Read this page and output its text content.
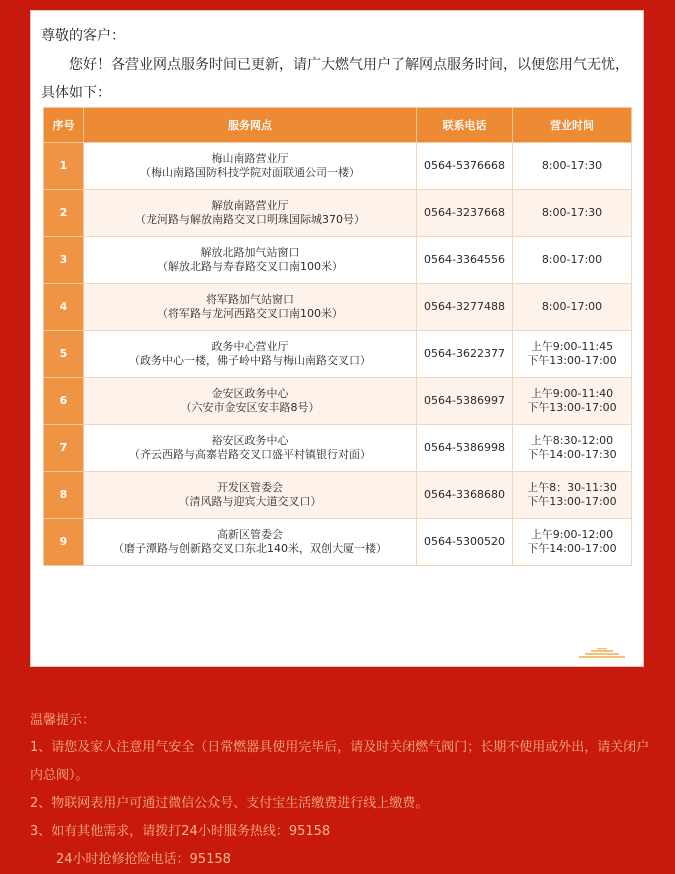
尊敬的客户：
您好！各营业网点服务时间已更新，请广大燃气用户了解网点服务时间，以便您用气无忧，具体如下：
序号	服务网点	联系电话	营业时间
1	梅山南路营业厅
（梅山南路国防科技学院对面联通公司一楼）	0564-5376668	8:00-17:30

2	解放南路营业厅
（龙河路与解放南路交叉口明珠国际城370号）	0564-3237668	8:00-17:30

3	解放北路加气站窗口
（解放北路与寿春路交叉口南100米）	0564-3364556	8:00-17:00

4	将军路加气站窗口
（将军路与龙河西路交叉口南100米）	0564-3277488	8:00-17:00

5	政务中心营业厅
（政务中心一楼，佛子岭中路与梅山南路交叉口）	0564-3622377	上午9:00-11:45
下午13:00-17:00

6	金安区政务中心
（六安市金安区安丰路8号）	0564-5386997	上午9:00-11:40
下午13:00-17:00

7	裕安区政务中心
（齐云西路与高寨岩路交叉口盛平村镇银行对面）	0564-5386998	上午8:30-12:00
下午14:00-17:30

8	开发区管委会
（清风路与迎宾大道交叉口）	0564-3368680	上午8：30-11:30
下午13:00-17:00

9	高新区管委会
（磨子潭路与创新路交叉口东北140米，双创大厦一楼）	0564-5300520	上午9:00-12:00
下午14:00-17:00
温馨提示：
1、请您及家人注意用气安全（日常燃器具使用完毕后，请及时关闭燃气阀门；长期不使用或外出，请关闭户内总阀）。
2、物联网表用户可通过微信公众号、支付宝生活缴费进行线上缴费。
3、如有其他需求，请拨打24小时服务热线：95158
24小时抢修抢险电话：95158
